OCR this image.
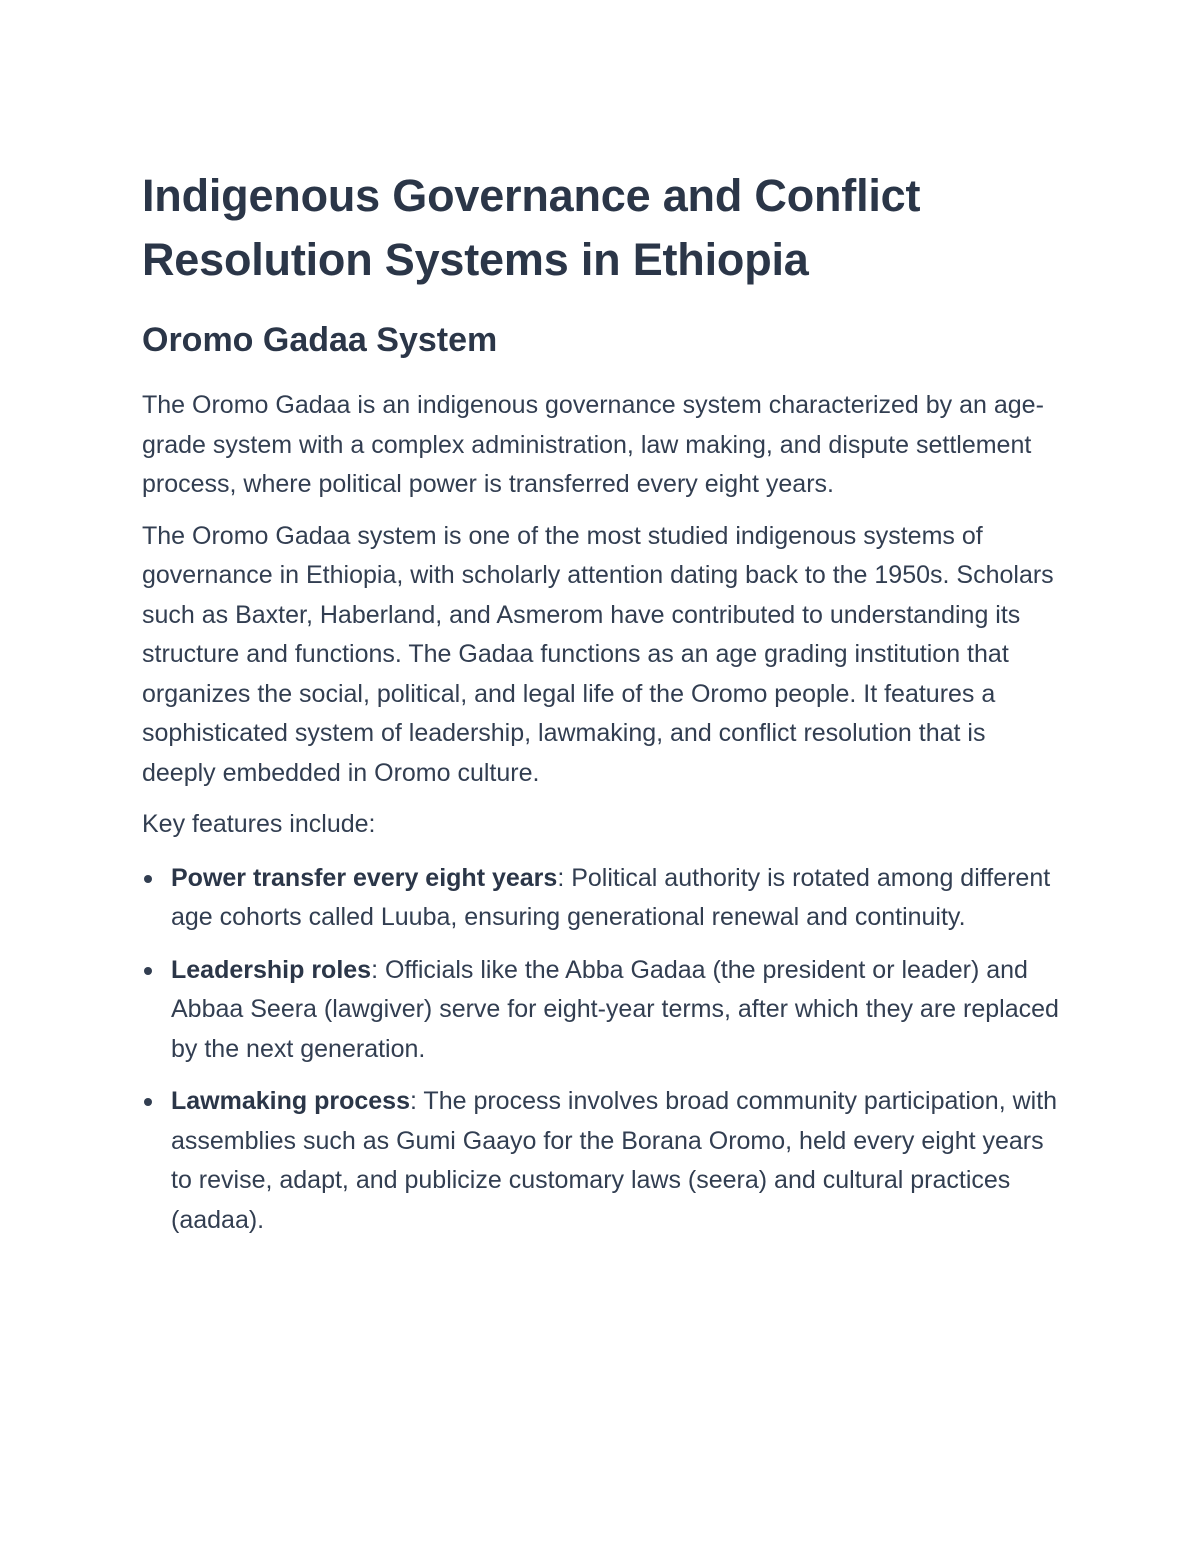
Indigenous Governance and Conflict Resolution Systems in Ethiopia
Oromo Gadaa System

The Oromo Gadaa is an indigenous governance system characterized by an age-grade system with a complex administration, law making, and dispute settlement process, where political power is transferred every eight years.

The Oromo Gadaa system is one of the most studied indigenous systems of governance in Ethiopia, with scholarly attention dating back to the 1950s. Scholars such as Baxter, Haberland, and Asmerom have contributed to understanding its structure and functions. The Gadaa functions as an age grading institution that organizes the social, political, and legal life of the Oromo people. It features a sophisticated system of leadership, lawmaking, and conflict resolution that is deeply embedded in Oromo culture.

Key features include:

Power transfer every eight years: Political authority is rotated among different age cohorts called Luuba, ensuring generational renewal and continuity.
Leadership roles: Officials like the Abba Gadaa (the president or leader) and Abbaa Seera (lawgiver) serve for eight-year terms, after which they are replaced by the next generation.
Lawmaking process: The process involves broad community participation, with assemblies such as Gumi Gaayo for the Borana Oromo, held every eight years to revise, adapt, and publicize customary laws (seera) and cultural practices (aadaa).
